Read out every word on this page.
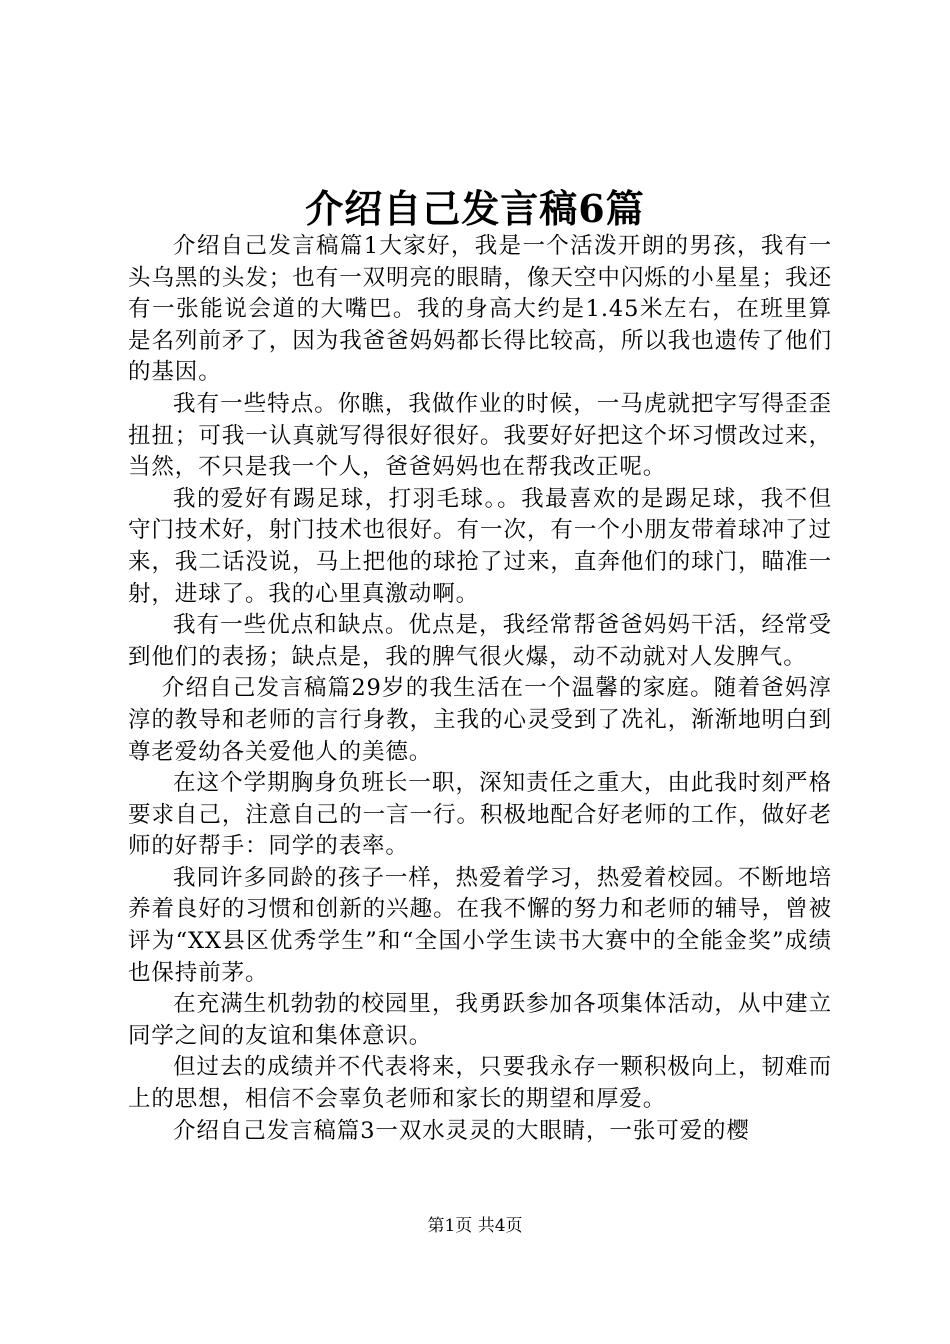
介绍自己发言稿6篇

介绍自己发言稿篇1大家好，我是一个活泼开朗的男孩，我有一头乌黑的头发；也有一双明亮的眼睛，像天空中闪烁的小星星；我还有一张能说会道的大嘴巴。我的身高大约是1.45米左右，在班里算是名列前矛了，因为我爸爸妈妈都长得比较高，所以我也遗传了他们的基因。

我有一些特点。你瞧，我做作业的时候，一马虎就把字写得歪歪扭扭；可我一认真就写得很好很好。我要好好把这个坏习惯改过来，当然，不只是我一个人，爸爸妈妈也在帮我改正呢。

我的爱好有踢足球，打羽毛球。。我最喜欢的是踢足球，我不但守门技术好，射门技术也很好。有一次，有一个小朋友带着球冲了过来，我二话没说，马上把他的球抢了过来，直奔他们的球门，瞄准一射，进球了。我的心里真激动啊。

我有一些优点和缺点。优点是，我经常帮爸爸妈妈干活，经常受到他们的表扬；缺点是，我的脾气很火爆，动不动就对人发脾气。

介绍自己发言稿篇29岁的我生活在一个温馨的家庭。随着爸妈淳淳的教导和老师的言行身教，主我的心灵受到了冼礼，渐渐地明白到尊老爱幼各关爱他人的美德。

在这个学期胸身负班长一职，深知责任之重大，由此我时刻严格要求自己，注意自己的一言一行。积极地配合好老师的工作，做好老师的好帮手：同学的表率。

我同许多同龄的孩子一样，热爱着学习，热爱着校园。不断地培养着良好的习惯和创新的兴趣。在我不懈的努力和老师的辅导，曾被评为“XX县区优秀学生”和“全国小学生读书大赛中的全能金奖”成绩也保持前茅。

在充满生机勃勃的校园里，我勇跃参加各项集体活动，从中建立同学之间的友谊和集体意识。

但过去的成绩并不代表将来，只要我永存一颗积极向上，韧难而上的思想，相信不会辜负老师和家长的期望和厚爱。

介绍自己发言稿篇3一双水灵灵的大眼睛，一张可爱的樱

第1页 共4页
